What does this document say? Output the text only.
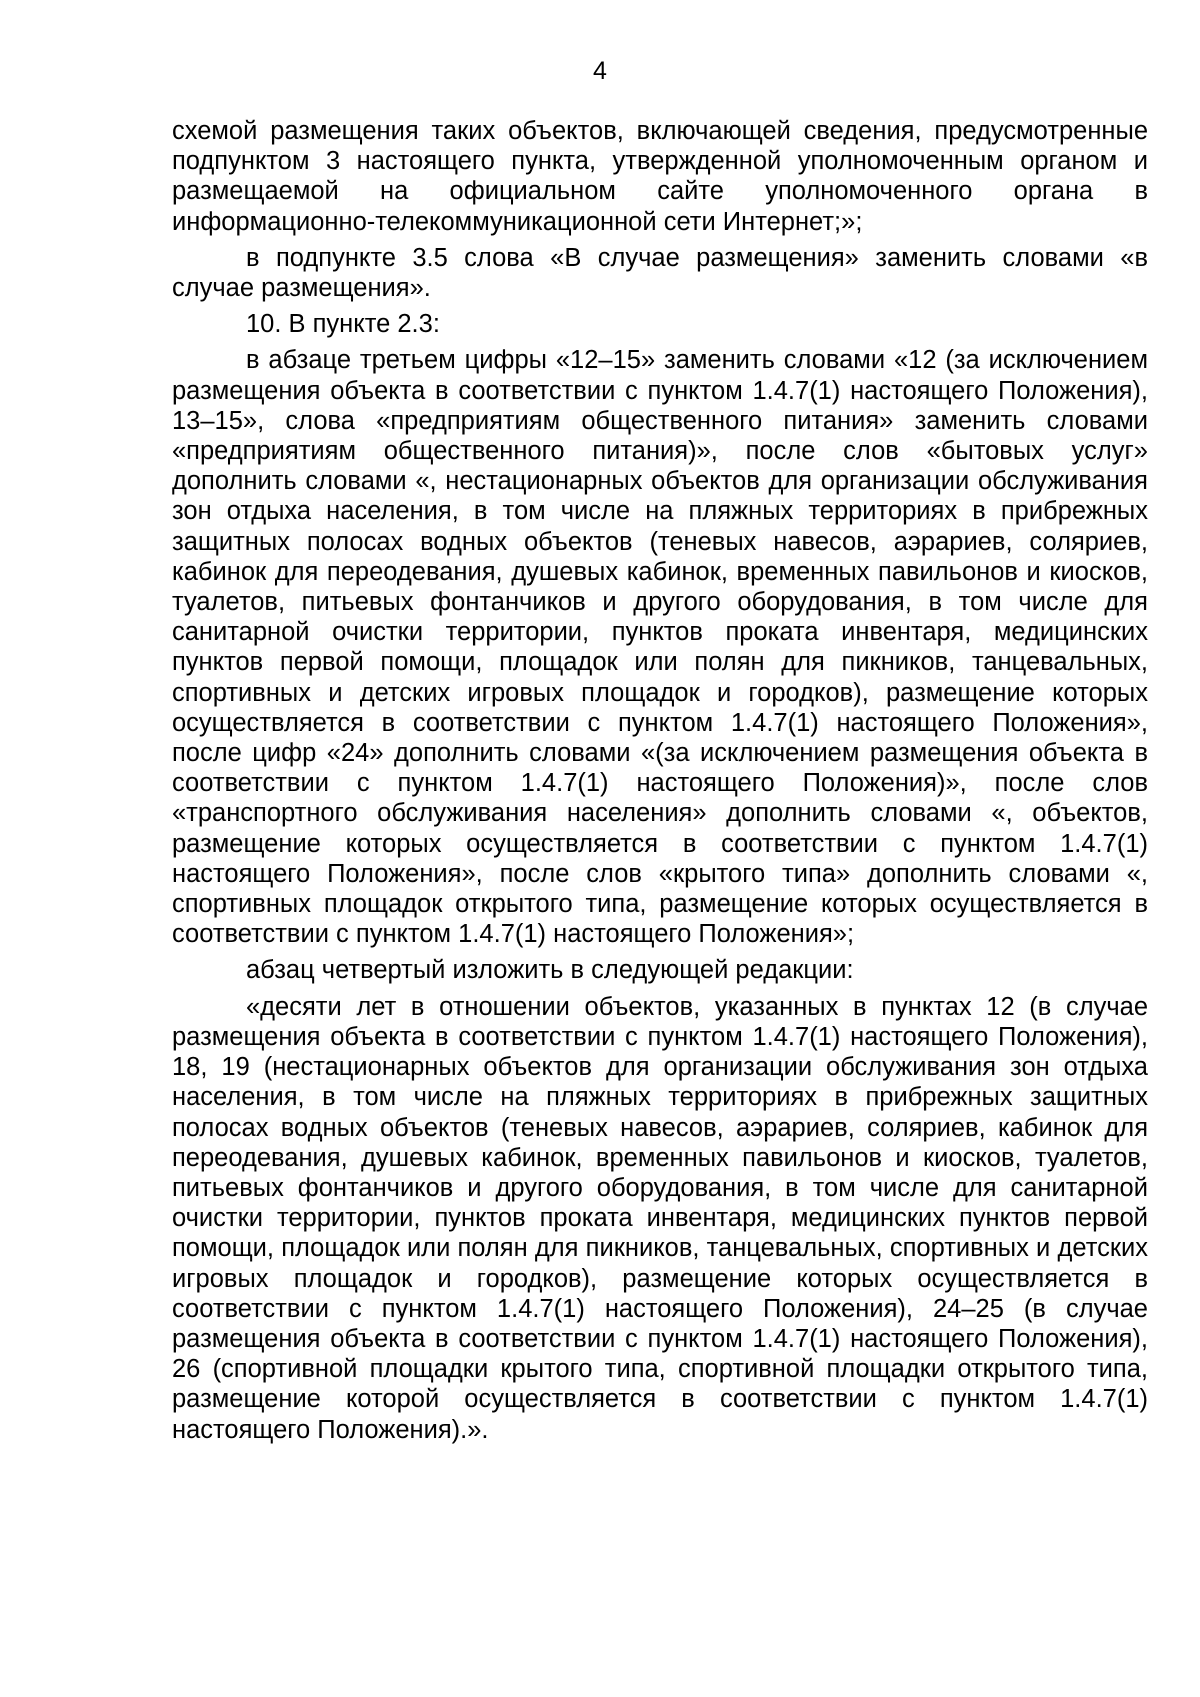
4

схемой размещения таких объектов, включающей сведения, предусмотренные подпунктом 3 настоящего пункта, утвержденной уполномоченным органом и размещаемой на официальном сайте уполномоченного органа в информационно-телекоммуникационной сети Интернет;»;

в подпункте 3.5 слова «В случае размещения» заменить словами «в случае размещения».

10. В пункте 2.3:

в абзаце третьем цифры «12–15» заменить словами «12 (за исключением размещения объекта в соответствии с пунктом 1.4.7(1) настоящего Положения), 13–15», слова «предприятиям общественного питания» заменить словами «предприятиям общественного питания)», после слов «бытовых услуг» дополнить словами «, нестационарных объектов для организации обслуживания зон отдыха населения, в том числе на пляжных территориях в прибрежных защитных полосах водных объектов (теневых навесов, аэрариев, соляриев, кабинок для переодевания, душевых кабинок, временных павильонов и киосков, туалетов, питьевых фонтанчиков и другого оборудования, в том числе для санитарной очистки территории, пунктов проката инвентаря, медицинских пунктов первой помощи, площадок или полян для пикников, танцевальных, спортивных и детских игровых площадок и городков), размещение которых осуществляется в соответствии с пунктом 1.4.7(1) настоящего Положения», после цифр «24» дополнить словами «(за исключением размещения объекта в соответствии с пунктом 1.4.7(1) настоящего Положения)», после слов «транспортного обслуживания населения» дополнить словами «, объектов, размещение которых осуществляется в соответствии с пунктом 1.4.7(1) настоящего Положения», после слов «крытого типа» дополнить словами «, спортивных площадок открытого типа, размещение которых осуществляется в соответствии с пунктом 1.4.7(1) настоящего Положения»;

абзац четвертый изложить в следующей редакции:

«десяти лет в отношении объектов, указанных в пунктах 12 (в случае размещения объекта в соответствии с пунктом 1.4.7(1) настоящего Положения), 18, 19 (нестационарных объектов для организации обслуживания зон отдыха населения, в том числе на пляжных территориях в прибрежных защитных полосах водных объектов (теневых навесов, аэрариев, соляриев, кабинок для переодевания, душевых кабинок, временных павильонов и киосков, туалетов, питьевых фонтанчиков и другого оборудования, в том числе для санитарной очистки территории, пунктов проката инвентаря, медицинских пунктов первой помощи, площадок или полян для пикников, танцевальных, спортивных и детских игровых площадок и городков), размещение которых осуществляется в соответствии с пунктом 1.4.7(1) настоящего Положения), 24–25 (в случае размещения объекта в соответствии с пунктом 1.4.7(1) настоящего Положения), 26 (спортивной площадки крытого типа, спортивной площадки открытого типа, размещение которой осуществляется в соответствии с пунктом 1.4.7(1) настоящего Положения).».
